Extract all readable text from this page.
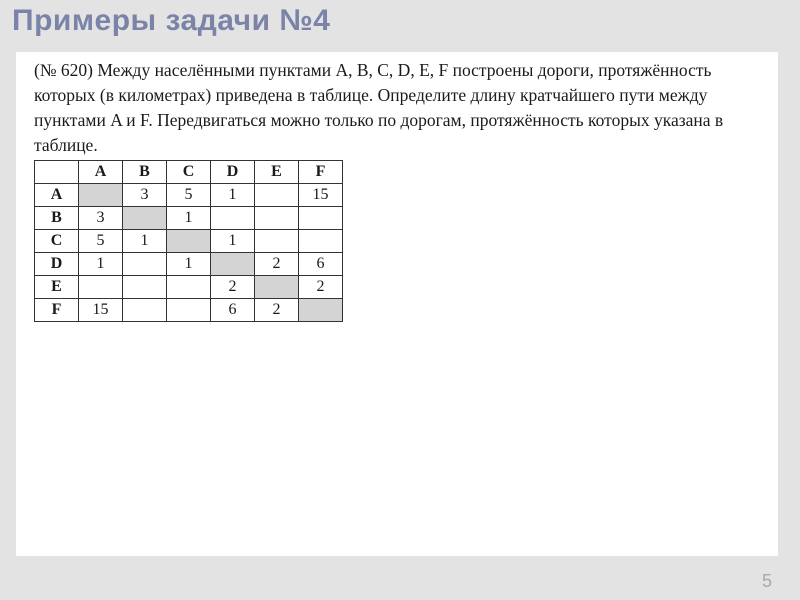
Примеры задачи №4

(№ 620) Между населёнными пунктами A, B, C, D, E, F построены дороги, протяжённость которых (в километрах) приведена в таблице. Определите длину кратчайшего пути между пунктами A и F. Передвигаться можно только по дорогам, протяжённость которых указана в таблице.

	A	B	C	D	E	F
A		3	5	1		15
B	3		1			
C	5	1		1		
D	1		1		2	6
E				2		2
F	15			6	2	
5
